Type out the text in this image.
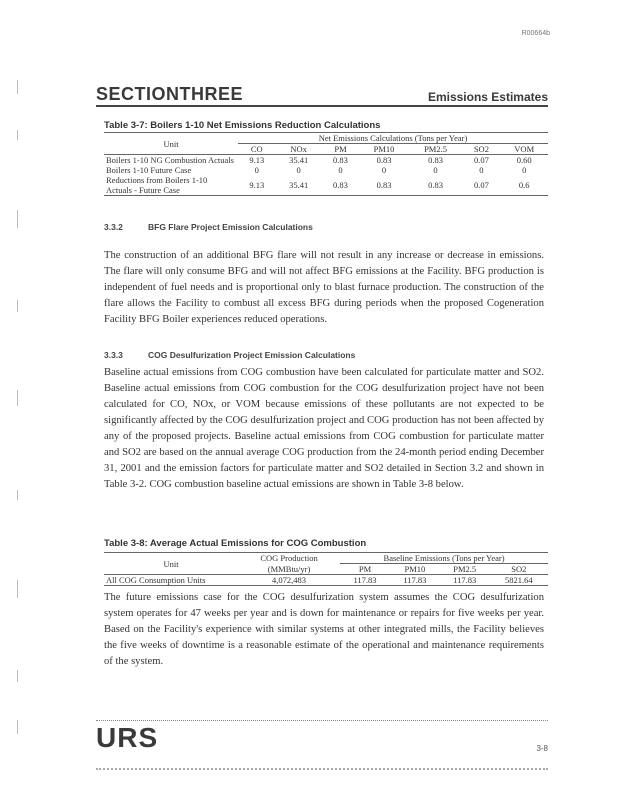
R00664b
SECTIONTHREE	Emissions Estimates
Table 3-7: Boilers 1-10 Net Emissions Reduction Calculations
Unit	Net Emissions Calculations (Tons per Year)						
	CO	NOx	PM	PM10	PM2.5	SO2	VOM
Boilers 1-10 NG Combustion Actuals	9.13	35.41	0.83	0.83	0.83	0.07	0.60
Boilers 1-10 Future Case	0	0	0	0	0	0	0
Reductions from Boilers 1-10
Actuals - Future Case	9.13	35.41	0.83	0.83	0.83	0.07	0.6
3.3.2	BFG Flare Project Emission Calculations
The construction of an additional BFG flare will not result in any increase or decrease in emissions. The flare will only consume BFG and will not affect BFG emissions at the Facility. BFG production is independent of fuel needs and is proportional only to blast furnace production. The construction of the flare allows the Facility to combust all excess BFG during periods when the proposed Cogeneration Facility BFG Boiler experiences reduced operations.
3.3.3	COG Desulfurization Project Emission Calculations
Baseline actual emissions from COG combustion have been calculated for particulate matter and SO2. Baseline actual emissions from COG combustion for the COG desulfurization project have not been calculated for CO, NOx, or VOM because emissions of these pollutants are not expected to be significantly affected by the COG desulfurization project and COG production has not been affected by any of the proposed projects. Baseline actual emissions from COG combustion for particulate matter and SO2 are based on the annual average COG production from the 24-month period ending December 31, 2001 and the emission factors for particulate matter and SO2 detailed in Section 3.2 and shown in Table 3-2. COG combustion baseline actual emissions are shown in Table 3-8 below.
Table 3-8: Average Actual Emissions for COG Combustion
Unit	COG Production	Baseline Emissions (Tons per Year)			
	(MMBtu/yr)	PM	PM10	PM2.5	SO2
All COG Consumption Units	4,072,483	117.83	117.83	117.83	5821.64
The future emissions case for the COG desulfurization system assumes the COG desulfurization system operates for 47 weeks per year and is down for maintenance or repairs for five weeks per year. Based on the Facility's experience with similar systems at other integrated mills, the Facility believes the five weeks of downtime is a reasonable estimate of the operational and maintenance requirements of the system.
URS	3-8
